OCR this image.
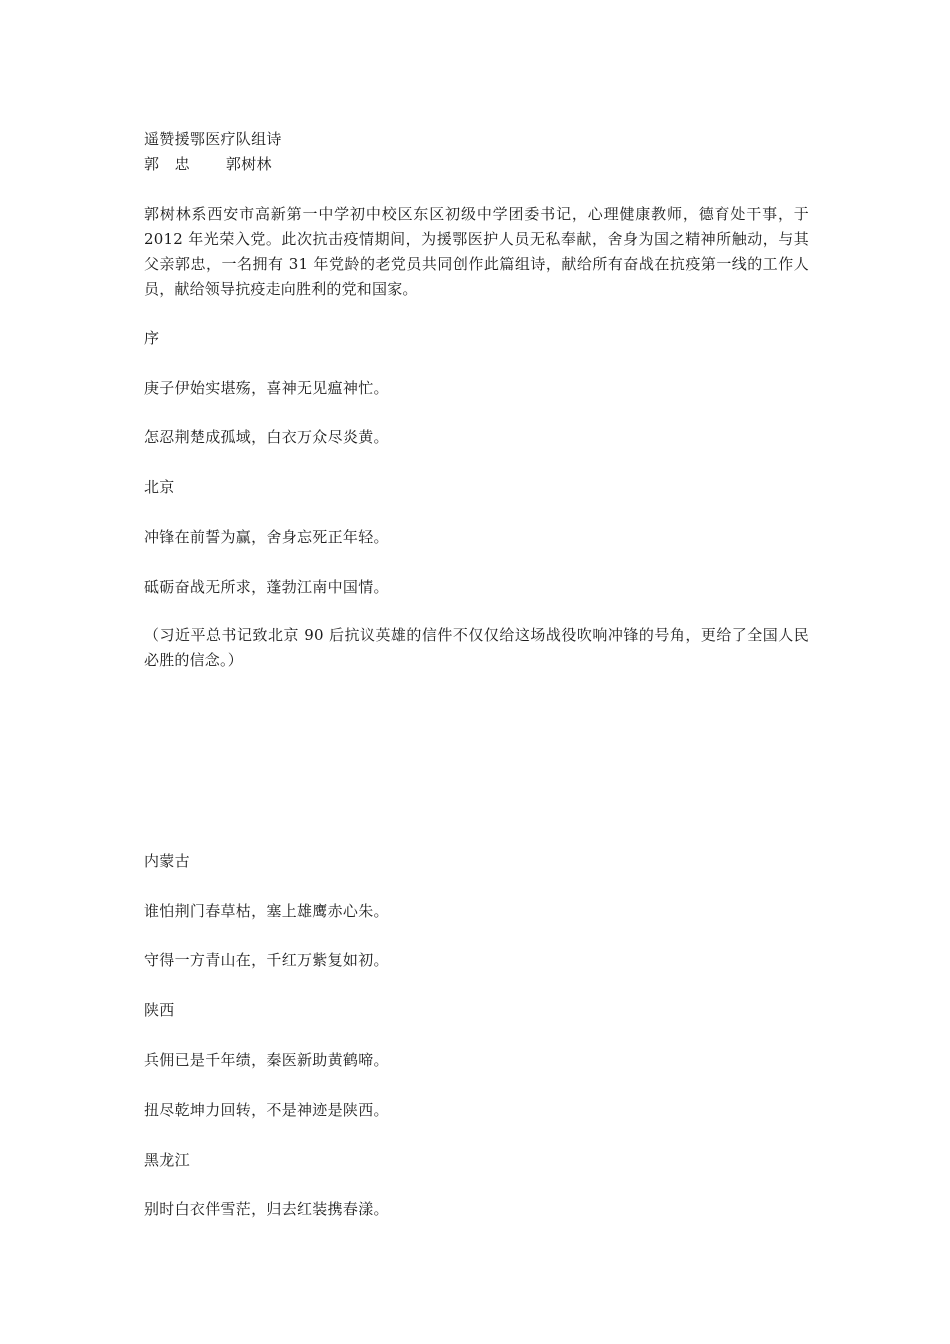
遥赞援鄂医疗队组诗
郭　忠 郭树林
郭树林系西安市高新第一中学初中校区东区初级中学团委书记，心理健康教师，德育处干事，于 2012 年光荣入党。此次抗击疫情期间，为援鄂医护人员无私奉献，舍身为国之精神所触动，与其父亲郭忠，一名拥有 31 年党龄的老党员共同创作此篇组诗，献给所有奋战在抗疫第一线的工作人员，献给领导抗疫走向胜利的党和国家。
序
庚子伊始实堪殇，喜神无见瘟神忙。
怎忍荆楚成孤域，白衣万众尽炎黄。
北京
冲锋在前誓为赢，舍身忘死正年轻。
砥砺奋战无所求，蓬勃江南中国情。
（习近平总书记致北京 90 后抗议英雄的信件不仅仅给这场战役吹响冲锋的号角，更给了全国人民必胜的信念。）
内蒙古
谁怕荆门春草枯，塞上雄鹰赤心朱。
守得一方青山在，千红万紫复如初。
陕西
兵佣已是千年绩，秦医新助黄鹤啼。
扭尽乾坤力回转，不是神迹是陕西。
黑龙江
别时白衣伴雪茫，归去红装携春漾。
